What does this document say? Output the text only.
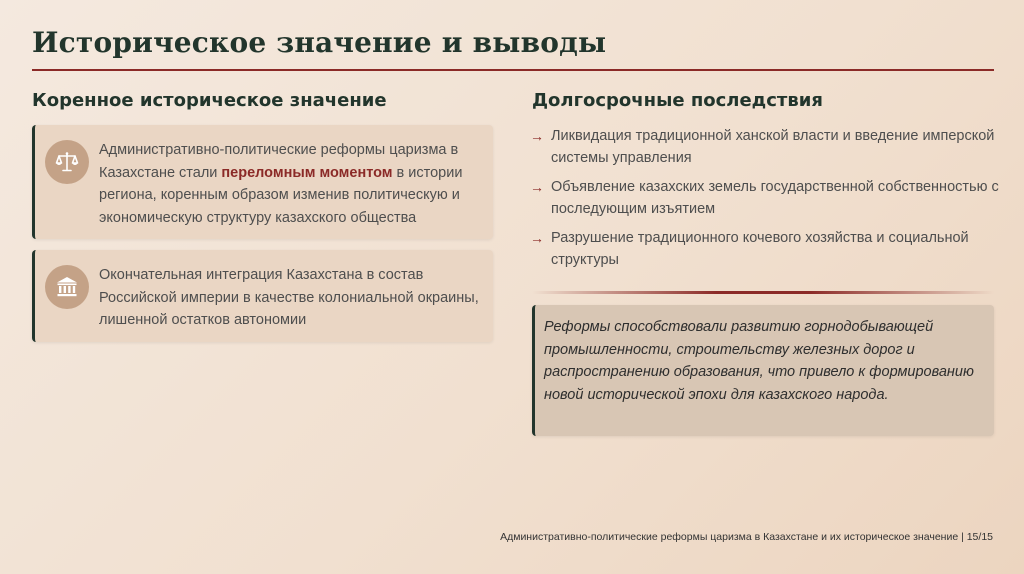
Историческое значение и выводы
Коренное историческое значение	Долгосрочные последствия

Административно-политические реформы царизма в Казахстане стали переломным моментом в истории региона, коренным образом изменив политическую и экономическую структуру казахского общества

Окончательная интеграция Казахстана в состав Российской империи в качестве колониальной окраины, лишенной остатков автономии

→ Ликвидация традиционной ханской власти и введение имперской системы управления
→ Объявление казахских земель государственной собственностью с последующим изъятием
→ Разрушение традиционного кочевого хозяйства и социальной структуры

Реформы способствовали развитию горнодобывающей промышленности, строительству железных дорог и распространению образования, что привело к формированию новой исторической эпохи для казахского народа.

Административно-политические реформы царизма в Казахстане и их историческое значение | 15/15
